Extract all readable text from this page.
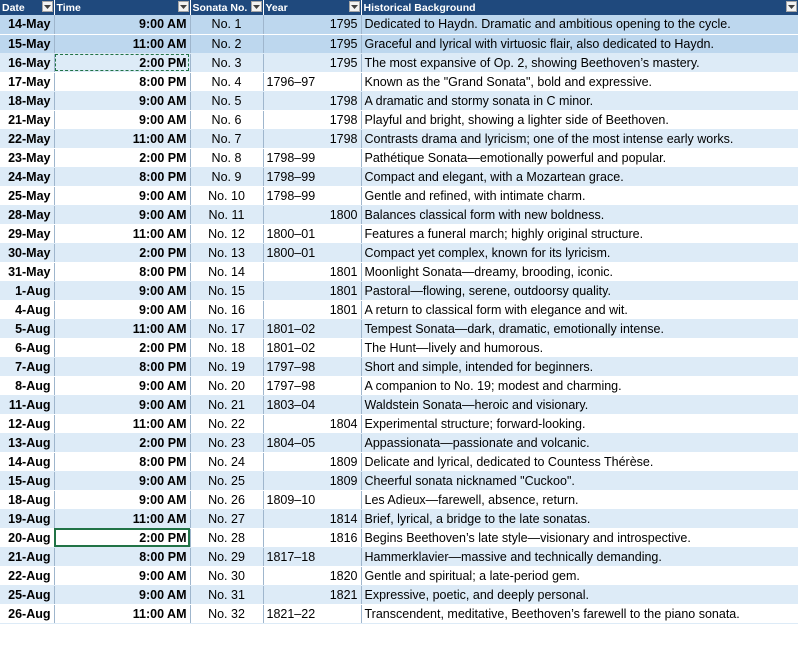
Date	Time	Sonata No.	Year	Historical Background

14-May	9:00 AM	No. 1	1795	Dedicated to Haydn. Dramatic and ambitious opening to the cycle.
15-May	11:00 AM	No. 2	1795	Graceful and lyrical with virtuosic flair, also dedicated to Haydn.
16-May	2:00 PM	No. 3	1795	The most expansive of Op. 2, showing Beethoven’s mastery.
17-May	8:00 PM	No. 4	1796–97	Known as the "Grand Sonata", bold and expressive.
18-May	9:00 AM	No. 5	1798	A dramatic and stormy sonata in C minor.
21-May	9:00 AM	No. 6	1798	Playful and bright, showing a lighter side of Beethoven.
22-May	11:00 AM	No. 7	1798	Contrasts drama and lyricism; one of the most intense early works.
23-May	2:00 PM	No. 8	1798–99	Pathétique Sonata—emotionally powerful and popular.
24-May	8:00 PM	No. 9	1798–99	Compact and elegant, with a Mozartean grace.
25-May	9:00 AM	No. 10	1798–99	Gentle and refined, with intimate charm.
28-May	9:00 AM	No. 11	1800	Balances classical form with new boldness.
29-May	11:00 AM	No. 12	1800–01	Features a funeral march; highly original structure.
30-May	2:00 PM	No. 13	1800–01	Compact yet complex, known for its lyricism.
31-May	8:00 PM	No. 14	1801	Moonlight Sonata—dreamy, brooding, iconic.
1-Aug	9:00 AM	No. 15	1801	Pastoral—flowing, serene, outdoorsy quality.
4-Aug	9:00 AM	No. 16	1801	A return to classical form with elegance and wit.
5-Aug	11:00 AM	No. 17	1801–02	Tempest Sonata—dark, dramatic, emotionally intense.
6-Aug	2:00 PM	No. 18	1801–02	The Hunt—lively and humorous.
7-Aug	8:00 PM	No. 19	1797–98	Short and simple, intended for beginners.
8-Aug	9:00 AM	No. 20	1797–98	A companion to No. 19; modest and charming.
11-Aug	9:00 AM	No. 21	1803–04	Waldstein Sonata—heroic and visionary.
12-Aug	11:00 AM	No. 22	1804	Experimental structure; forward-looking.
13-Aug	2:00 PM	No. 23	1804–05	Appassionata—passionate and volcanic.
14-Aug	8:00 PM	No. 24	1809	Delicate and lyrical, dedicated to Countess Thérèse.
15-Aug	9:00 AM	No. 25	1809	Cheerful sonata nicknamed "Cuckoo".
18-Aug	9:00 AM	No. 26	1809–10	Les Adieux—farewell, absence, return.
19-Aug	11:00 AM	No. 27	1814	Brief, lyrical, a bridge to the late sonatas.
20-Aug	2:00 PM	No. 28	1816	Begins Beethoven’s late style—visionary and introspective.
21-Aug	8:00 PM	No. 29	1817–18	Hammerklavier—massive and technically demanding.
22-Aug	9:00 AM	No. 30	1820	Gentle and spiritual; a late-period gem.
25-Aug	9:00 AM	No. 31	1821	Expressive, poetic, and deeply personal.
26-Aug	11:00 AM	No. 32	1821–22	Transcendent, meditative, Beethoven’s farewell to the piano sonata.
